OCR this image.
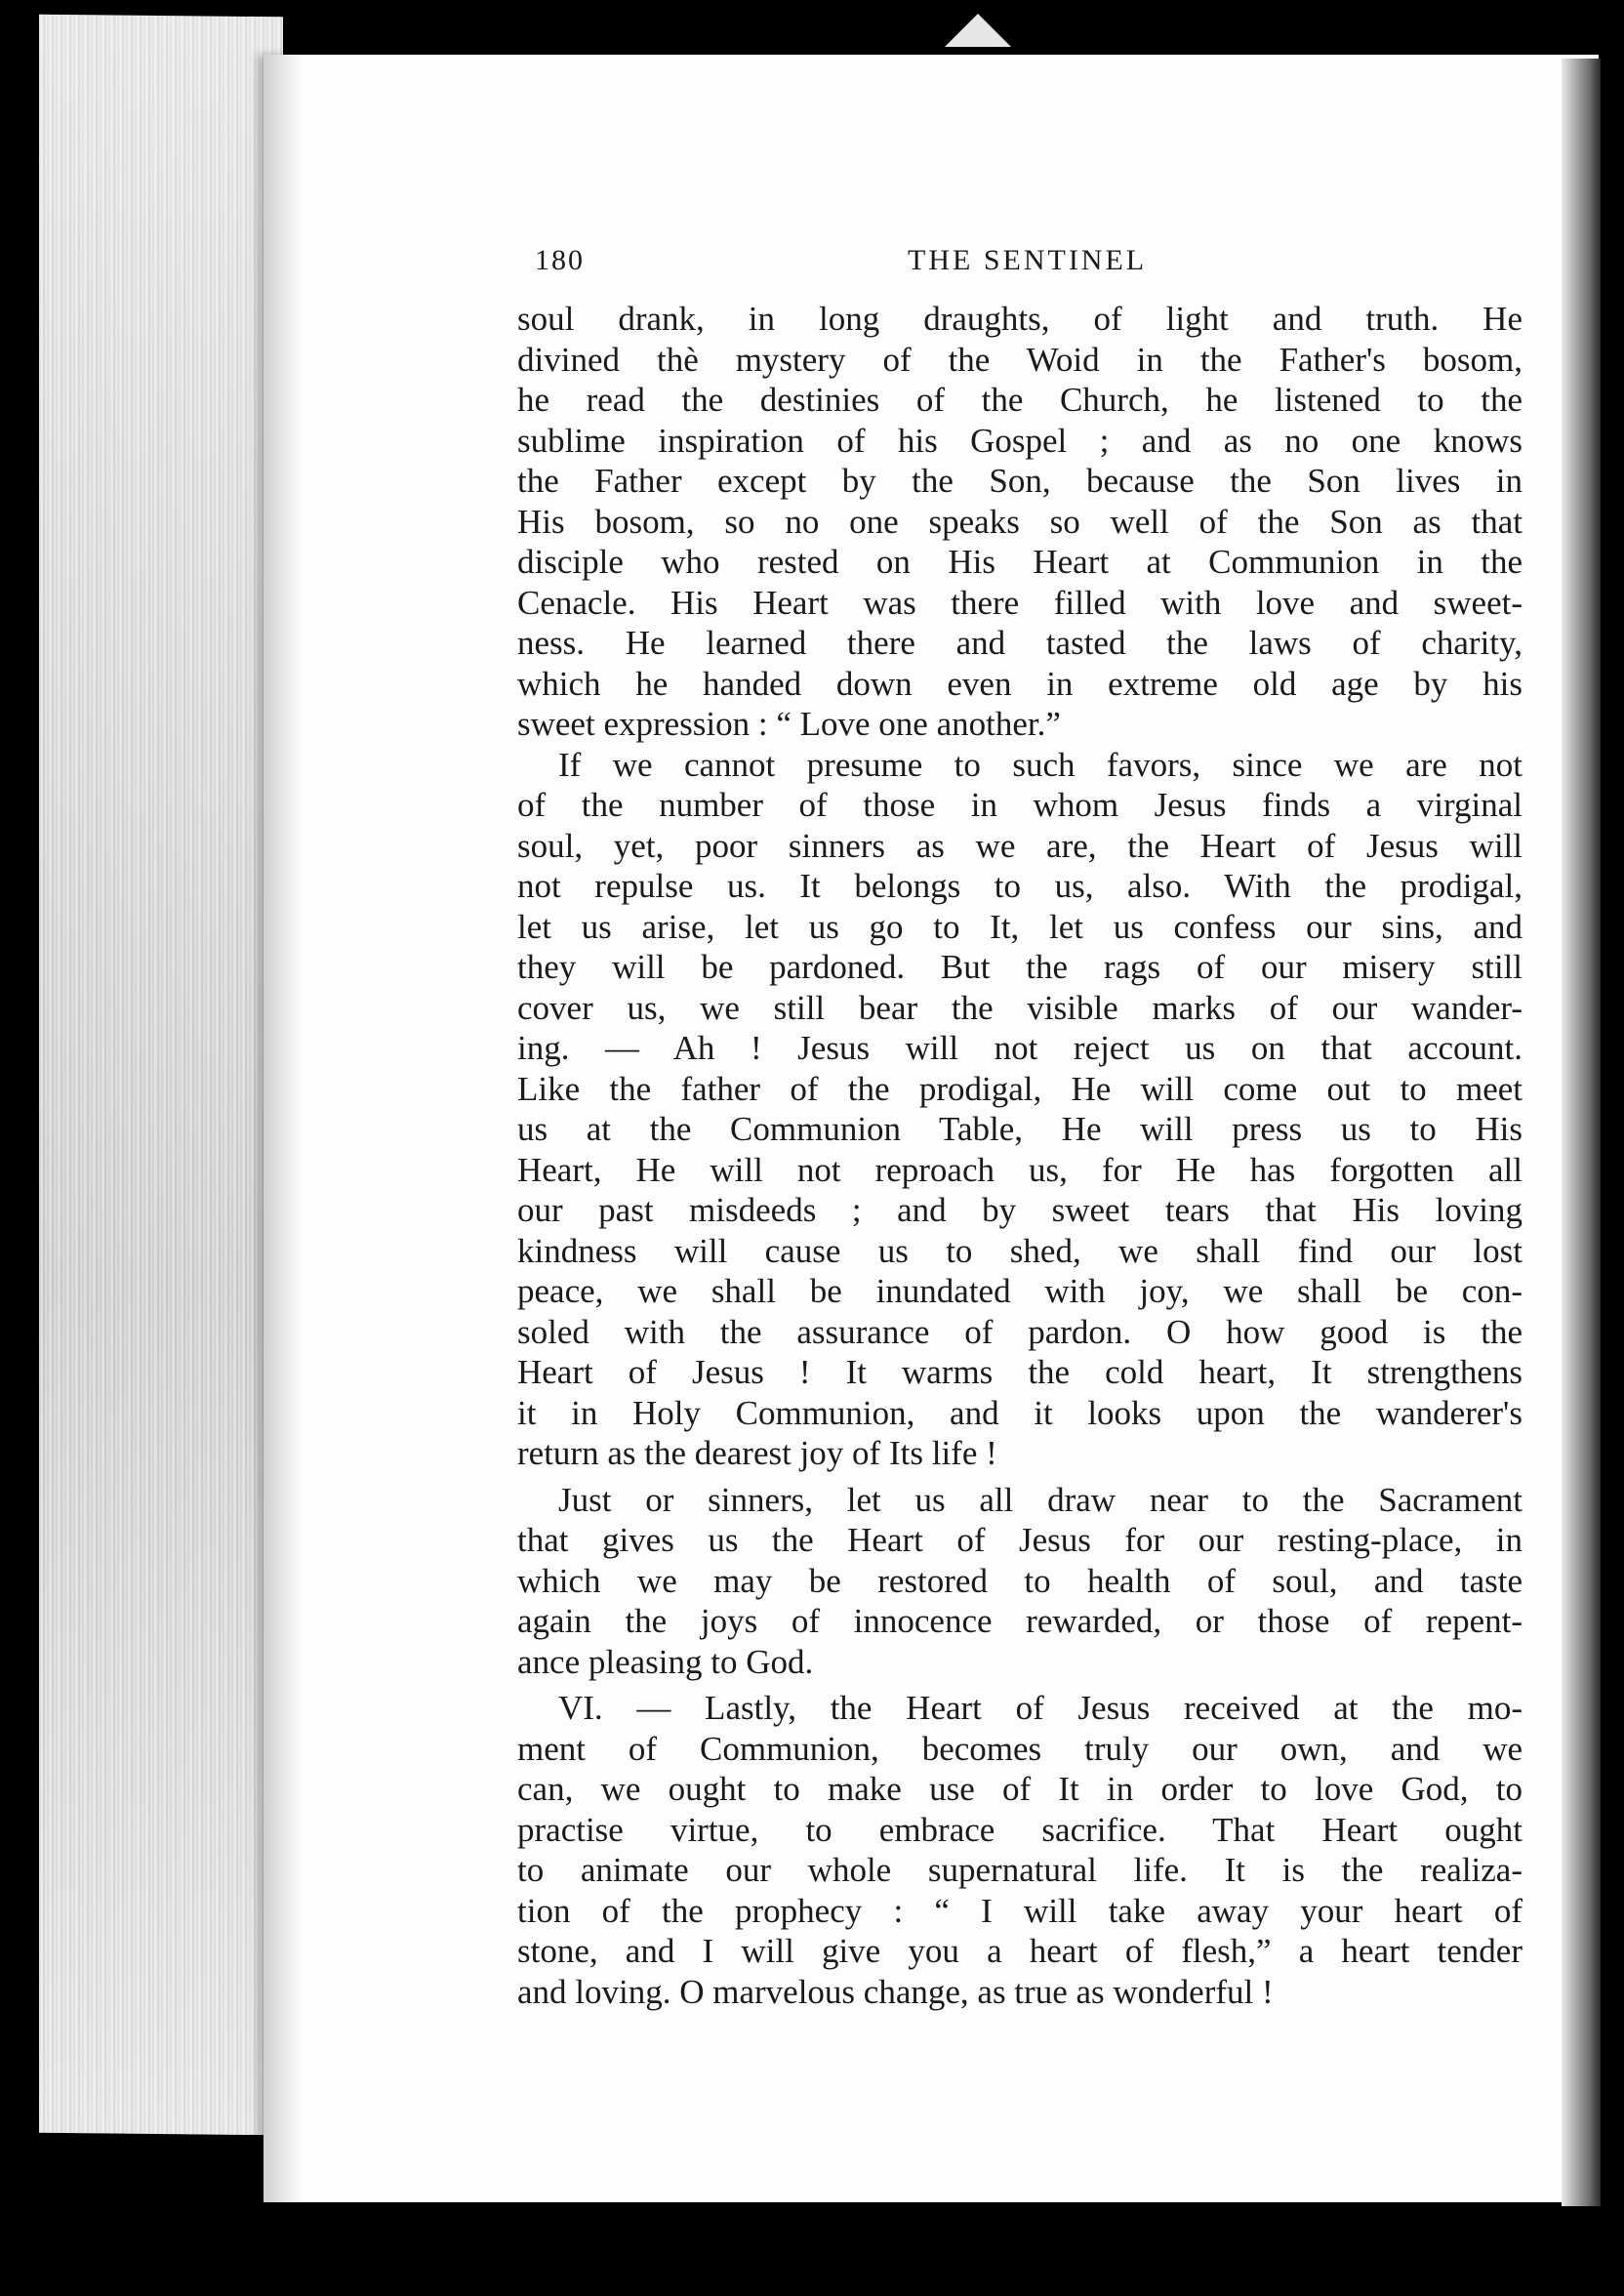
180	THE SENTINEL
soul drank, in long draughts, of light and truth. He
divined thè mystery of the Woid in the Father's bosom,
he read the destinies of the Church, he listened to the
sublime inspiration of his Gospel ; and as no one knows
the Father except by the Son, because the Son lives in
His bosom, so no one speaks so well of the Son as that
disciple who rested on His Heart at Communion in the
Cenacle. His Heart was there filled with love and sweet-
ness. He learned there and tasted the laws of charity,
which he handed down even in extreme old age by his
sweet expression : “ Love one another.”
If we cannot presume to such favors, since we are not
of the number of those in whom Jesus finds a virginal
soul, yet, poor sinners as we are, the Heart of Jesus will
not repulse us. It belongs to us, also. With the prodigal,
let us arise, let us go to It, let us confess our sins, and
they will be pardoned. But the rags of our misery still
cover us, we still bear the visible marks of our wander-
ing. — Ah ! Jesus will not reject us on that account.
Like the father of the prodigal, He will come out to meet
us at the Communion Table, He will press us to His
Heart, He will not reproach us, for He has forgotten all
our past misdeeds ; and by sweet tears that His loving
kindness will cause us to shed, we shall find our lost
peace, we shall be inundated with joy, we shall be con-
soled with the assurance of pardon. O how good is the
Heart of Jesus ! It warms the cold heart, It strengthens
it in Holy Communion, and it looks upon the wanderer's
return as the dearest joy of Its life !
Just or sinners, let us all draw near to the Sacrament
that gives us the Heart of Jesus for our resting-place, in
which we may be restored to health of soul, and taste
again the joys of innocence rewarded, or those of repent-
ance pleasing to God.
VI. — Lastly, the Heart of Jesus received at the mo-
ment of Communion, becomes truly our own, and we
can, we ought to make use of It in order to love God, to
practise virtue, to embrace sacrifice. That Heart ought
to animate our whole supernatural life. It is the realiza-
tion of the prophecy : “ I will take away your heart of
stone, and I will give you a heart of flesh,” a heart tender
and loving. O marvelous change, as true as wonderful !
